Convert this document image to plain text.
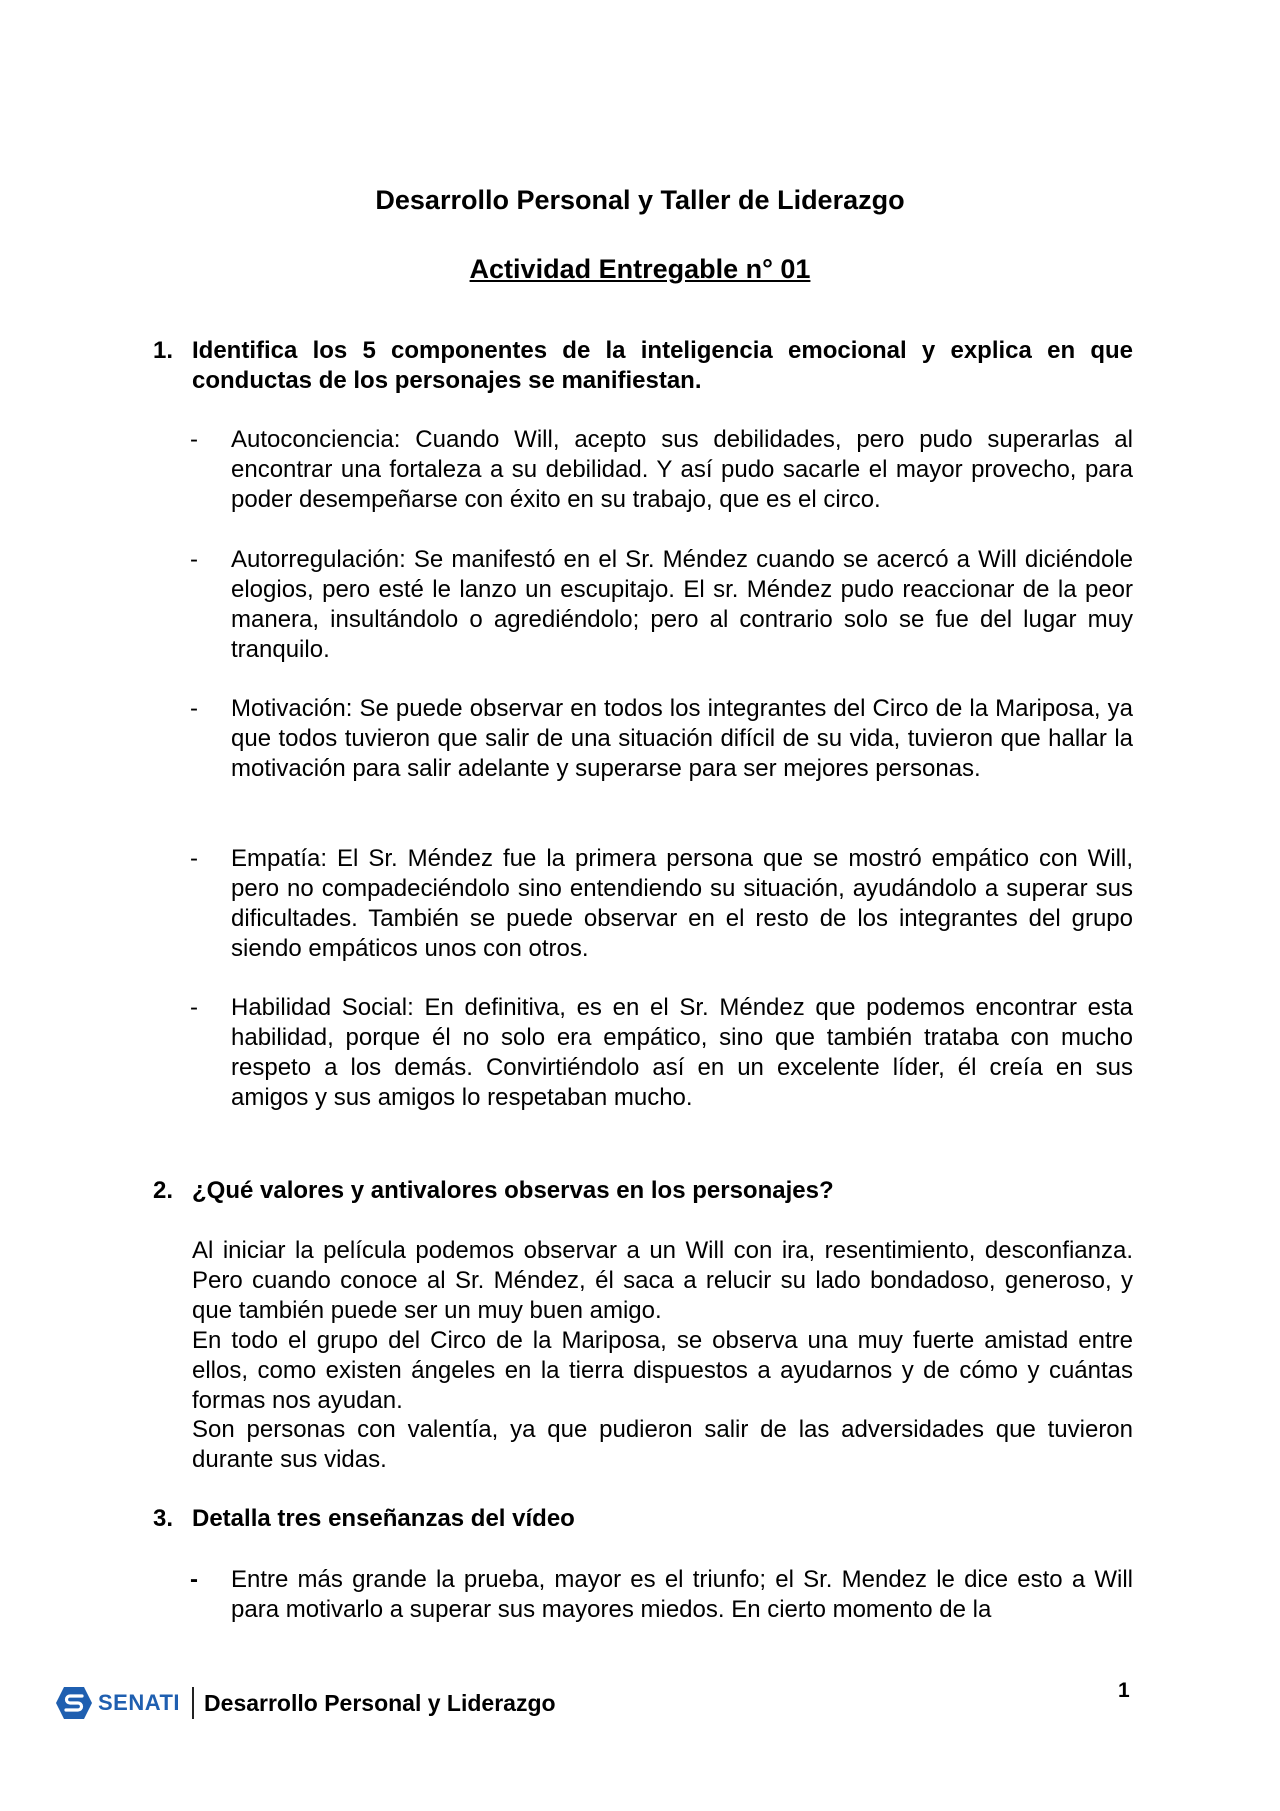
Desarrollo Personal y Taller de Liderazgo
Actividad Entregable n° 01
1. Identifica los 5 componentes de la inteligencia emocional y explica en que conductas de los personajes se manifiestan.
- Autoconciencia: Cuando Will, acepto sus debilidades, pero pudo superarlas al encontrar una fortaleza a su debilidad. Y así pudo sacarle el mayor provecho, para poder desempeñarse con éxito en su trabajo, que es el circo.
- Autorregulación: Se manifestó en el Sr. Méndez cuando se acercó a Will diciéndole elogios, pero esté le lanzo un escupitajo. El sr. Méndez pudo reaccionar de la peor manera, insultándolo o agrediéndolo; pero al contrario solo se fue del lugar muy tranquilo.
- Motivación: Se puede observar en todos los integrantes del Circo de la Mariposa, ya que todos tuvieron que salir de una situación difícil de su vida, tuvieron que hallar la motivación para salir adelante y superarse para ser mejores personas.
- Empatía: El Sr. Méndez fue la primera persona que se mostró empático con Will, pero no compadeciéndolo sino entendiendo su situación, ayudándolo a superar sus dificultades. También se puede observar en el resto de los integrantes del grupo siendo empáticos unos con otros.
- Habilidad Social: En definitiva, es en el Sr. Méndez que podemos encontrar esta habilidad, porque él no solo era empático, sino que también trataba con mucho respeto a los demás. Convirtiéndolo así en un excelente líder, él creía en sus amigos y sus amigos lo respetaban mucho.
2. ¿Qué valores y antivalores observas en los personajes?
Al iniciar la película podemos observar a un Will con ira, resentimiento, desconfianza. Pero cuando conoce al Sr. Méndez, él saca a relucir su lado bondadoso, generoso, y que también puede ser un muy buen amigo.
En todo el grupo del Circo de la Mariposa, se observa una muy fuerte amistad entre ellos, como existen ángeles en la tierra dispuestos a ayudarnos y de cómo y cuántas formas nos ayudan.
Son personas con valentía, ya que pudieron salir de las adversidades que tuvieron durante sus vidas.
3. Detalla tres enseñanzas del vídeo
- Entre más grande la prueba, mayor es el triunfo; el Sr. Mendez le dice esto a Will para motivarlo a superar sus mayores miedos. En cierto momento de la
SENATI Desarrollo Personal y Liderazgo	1
